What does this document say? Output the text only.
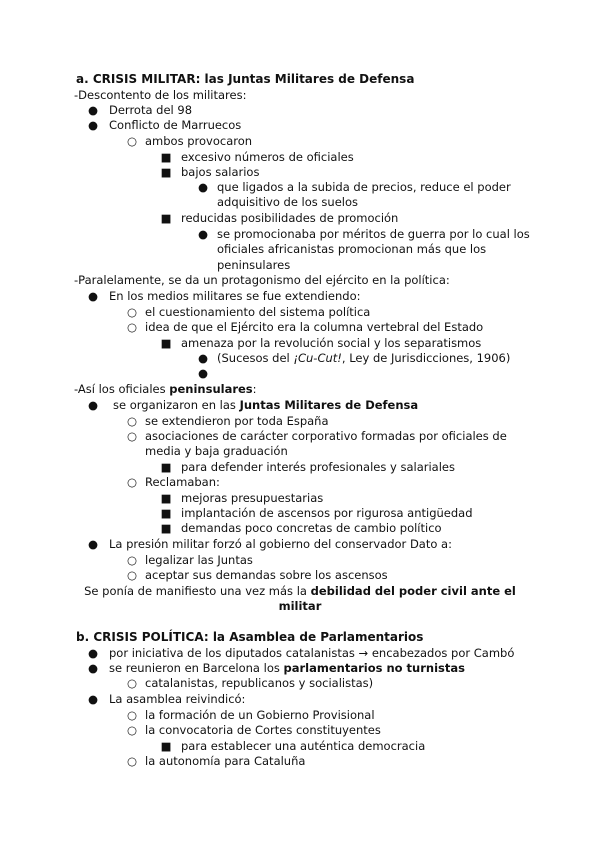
a. CRISIS MILITAR: las Juntas Militares de Defensa
-Descontento de los militares:
● Derrota del 98
● Conflicto de Marruecos
○ ambos provocaron
■ excesivo números de oficiales
■ bajos salarios
● que ligados a la subida de precios, reduce el poder
adquisitivo de los suelos
■ reducidas posibilidades de promoción
● se promocionaba por méritos de guerra por lo cual los
oficiales africanistas promocionan más que los
peninsulares
-Paralelamente, se da un protagonismo del ejército en la política:
● En los medios militares se fue extendiendo:
○ el cuestionamiento del sistema política
○ idea de que el Ejército era la columna vertebral del Estado
■ amenaza por la revolución social y los separatismos
● (Sucesos del ¡Cu-Cut!, Ley de Jurisdicciones, 1906)
●
-Así los oficiales peninsulares:
● se organizaron en las Juntas Militares de Defensa
○ se extendieron por toda España
○ asociaciones de carácter corporativo formadas por oficiales de
media y baja graduación
■ para defender interés profesionales y salariales
○ Reclamaban:
■ mejoras presupuestarias
■ implantación de ascensos por rigurosa antigüedad
■ demandas poco concretas de cambio político
● La presión militar forzó al gobierno del conservador Dato a:
○ legalizar las Juntas
○ aceptar sus demandas sobre los ascensos
Se ponía de manifiesto una vez más la debilidad del poder civil ante el
militar
b. CRISIS POLÍTICA: la Asamblea de Parlamentarios
● por iniciativa de los diputados catalanistas → encabezados por Cambó
● se reunieron en Barcelona los parlamentarios no turnistas
○ catalanistas, republicanos y socialistas)
● La asamblea reivindicó:
○ la formación de un Gobierno Provisional
○ la convocatoria de Cortes constituyentes
■ para establecer una auténtica democracia
○ la autonomía para Cataluña
